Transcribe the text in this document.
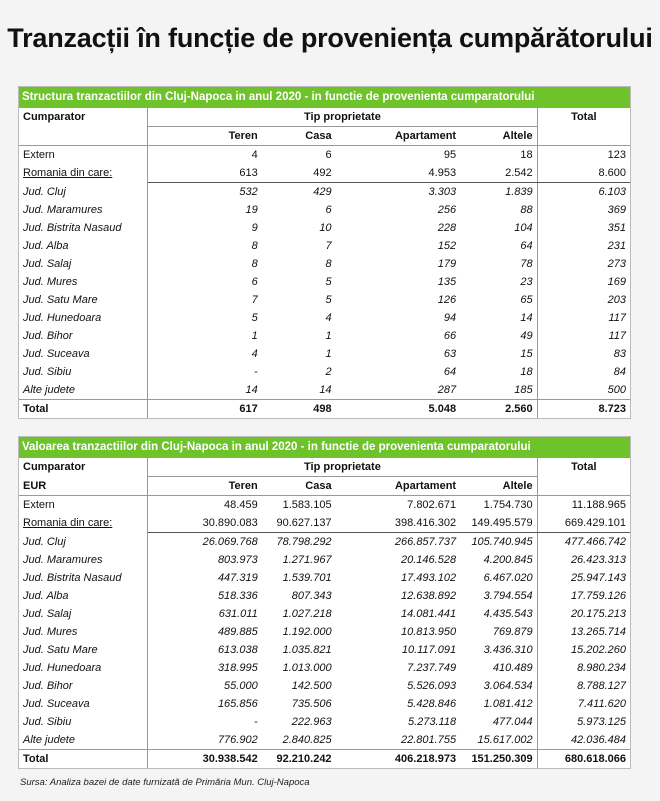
Tranzacții în funcție de proveniența cumpărătorului
Structura tranzactiilor din Cluj-Napoca in anul 2020 - in functie de provenienta cumparatorului
Cumparator	Tip proprietate				Total
	Teren	Casa	Apartament	Altele	
Extern	4	6	95	18	123
Romania din care:	613	492	4.953	2.542	8.600
Jud. Cluj	532	429	3.303	1.839	6.103
Jud. Maramures	19	6	256	88	369
Jud. Bistrita Nasaud	9	10	228	104	351
Jud. Alba	8	7	152	64	231
Jud. Salaj	8	8	179	78	273
Jud. Mures	6	5	135	23	169
Jud. Satu Mare	7	5	126	65	203
Jud. Hunedoara	5	4	94	14	117
Jud. Bihor	1	1	66	49	117
Jud. Suceava	4	1	63	15	83
Jud. Sibiu	-	2	64	18	84
Alte judete	14	14	287	185	500
Total	617	498	5.048	2.560	8.723
Valoarea tranzactiilor din Cluj-Napoca in anul 2020 - in functie de provenienta cumparatorului
Cumparator	Tip proprietate				Total
EUR	Teren	Casa	Apartament	Altele	
Extern	48.459	1.583.105	7.802.671	1.754.730	11.188.965
Romania din care:	30.890.083	90.627.137	398.416.302	149.495.579	669.429.101
Jud. Cluj	26.069.768	78.798.292	266.857.737	105.740.945	477.466.742
Jud. Maramures	803.973	1.271.967	20.146.528	4.200.845	26.423.313
Jud. Bistrita Nasaud	447.319	1.539.701	17.493.102	6.467.020	25.947.143
Jud. Alba	518.336	807.343	12.638.892	3.794.554	17.759.126
Jud. Salaj	631.011	1.027.218	14.081.441	4.435.543	20.175.213
Jud. Mures	489.885	1.192.000	10.813.950	769.879	13.265.714
Jud. Satu Mare	613.038	1.035.821	10.117.091	3.436.310	15.202.260
Jud. Hunedoara	318.995	1.013.000	7.237.749	410.489	8.980.234
Jud. Bihor	55.000	142.500	5.526.093	3.064.534	8.788.127
Jud. Suceava	165.856	735.506	5.428.846	1.081.412	7.411.620
Jud. Sibiu	-	222.963	5.273.118	477.044	5.973.125
Alte judete	776.902	2.840.825	22.801.755	15.617.002	42.036.484
Total	30.938.542	92.210.242	406.218.973	151.250.309	680.618.066
Sursa: Analiza bazei de date furnizată de Primăria Mun. Cluj-Napoca
